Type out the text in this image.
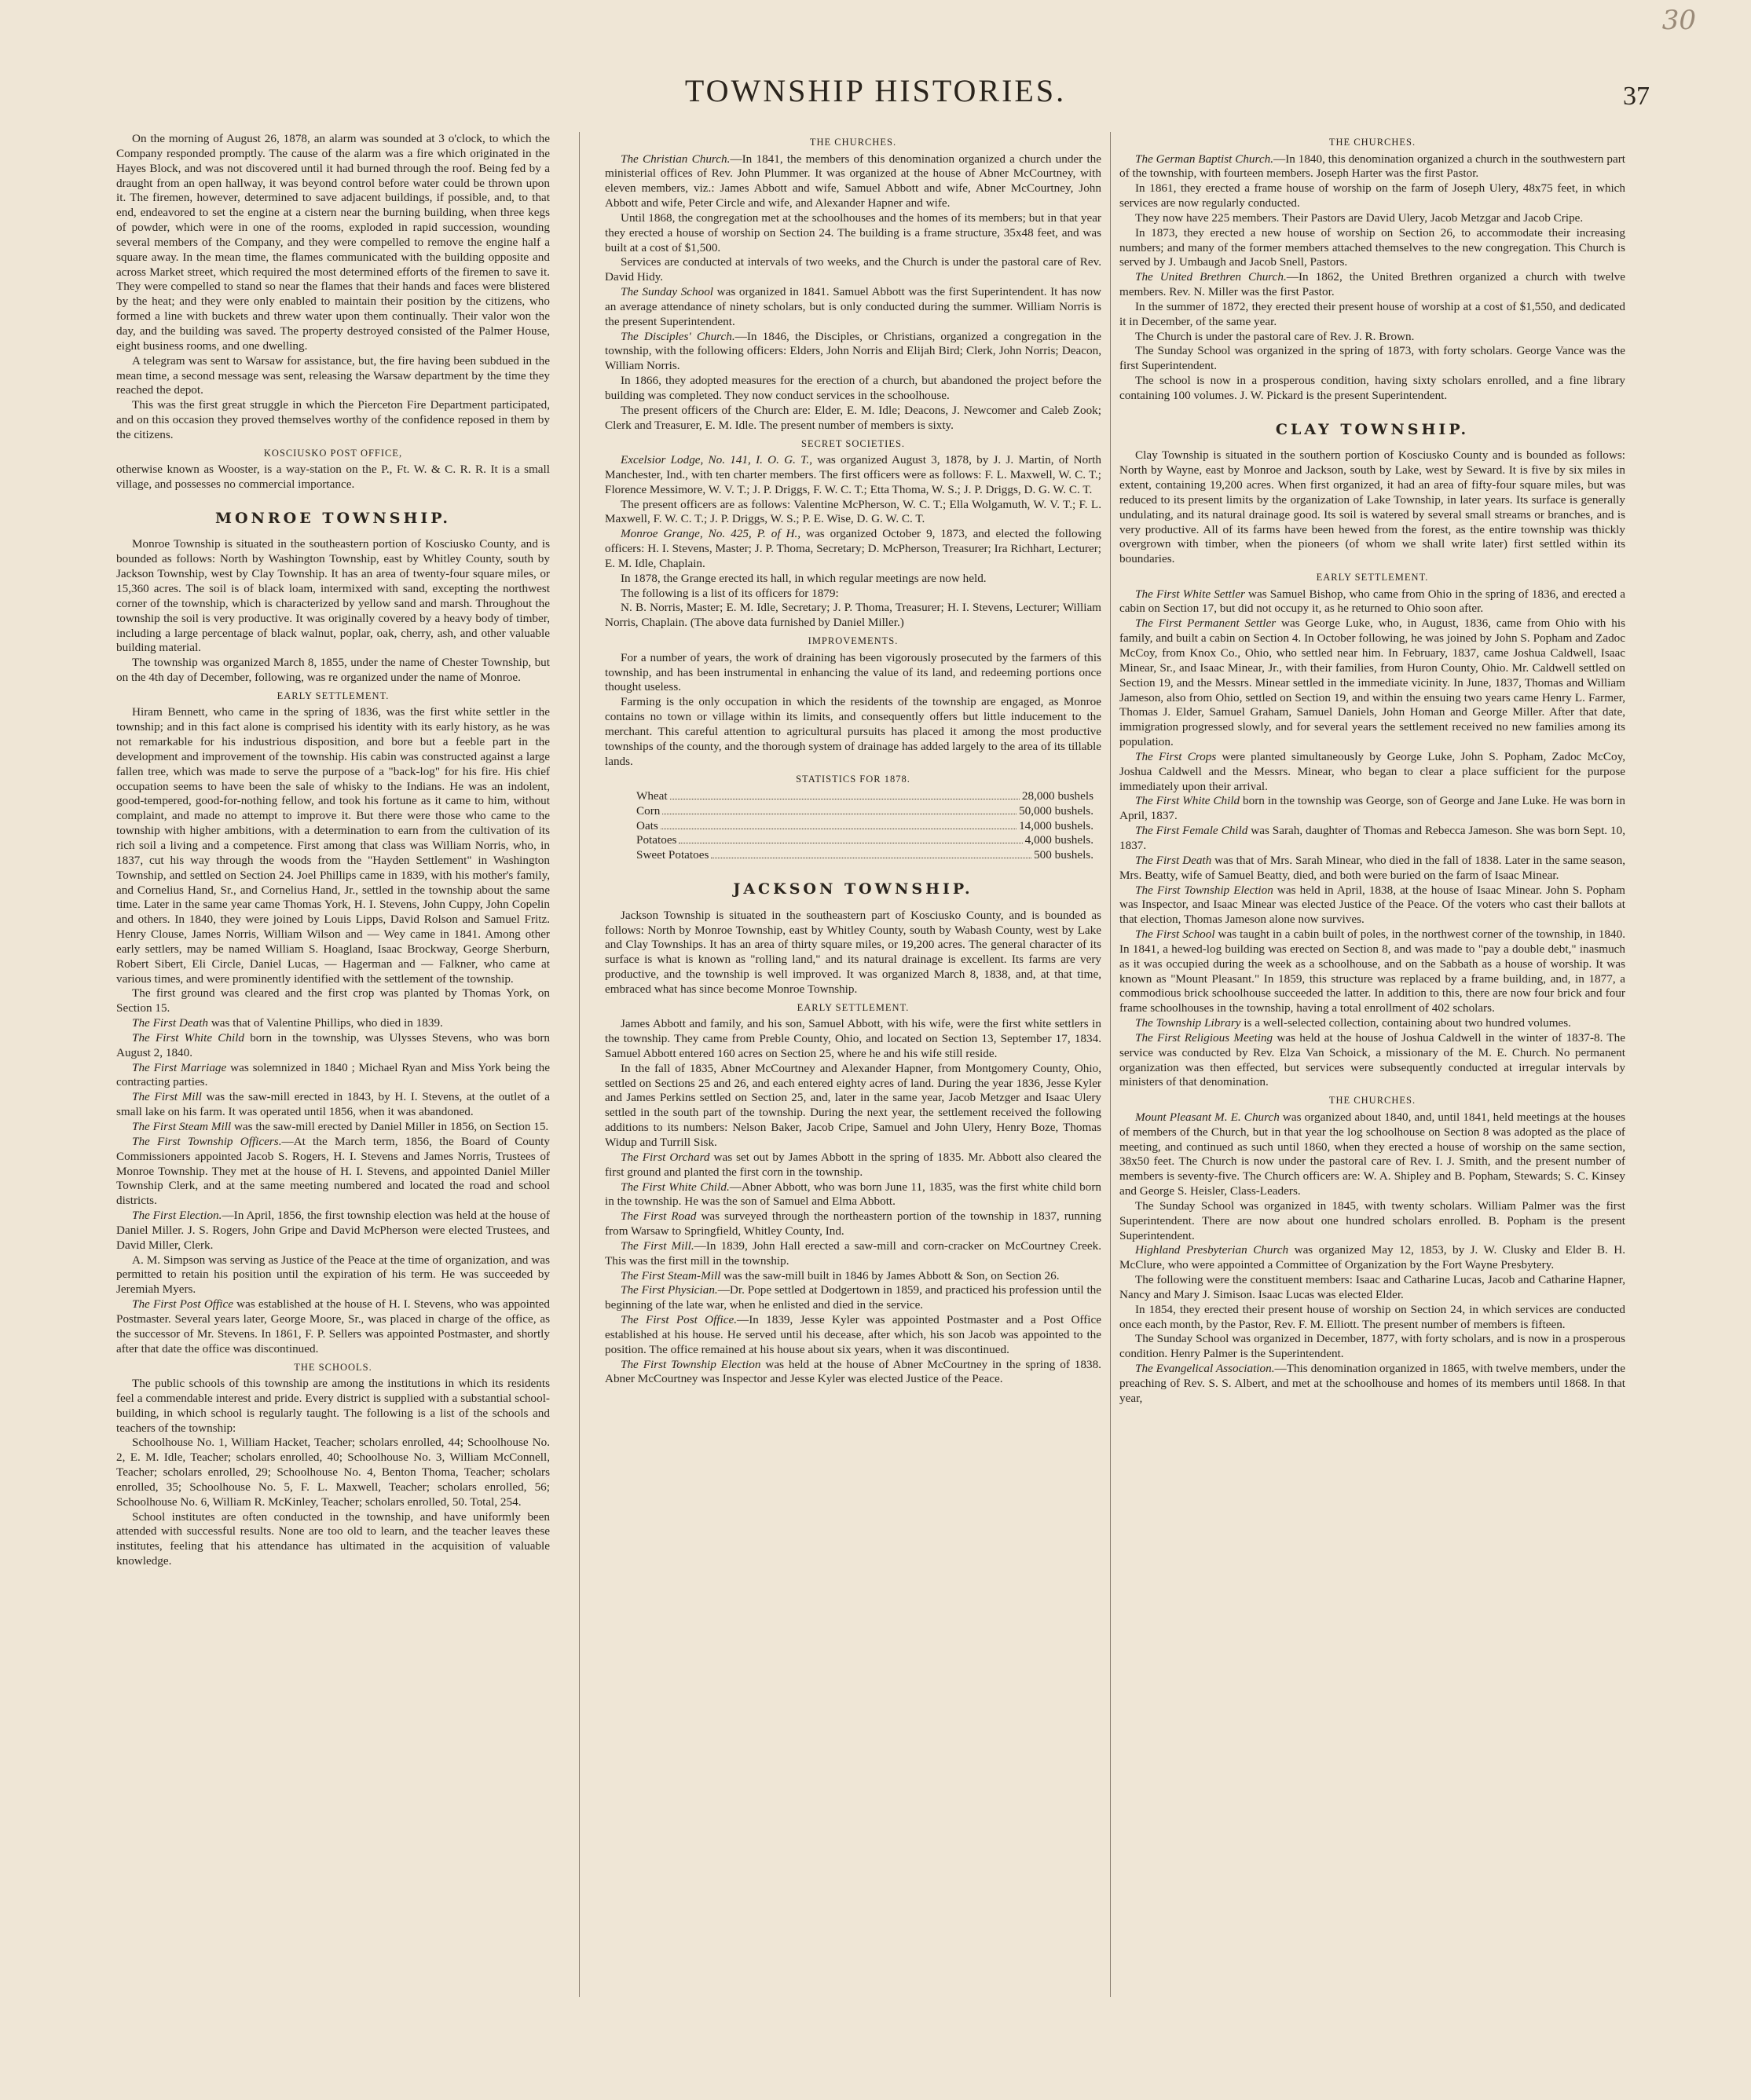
30
TOWNSHIP HISTORIES.	37

On the morning of August 26, 1878, an alarm was sounded at 3 o'clock, to which the Company responded promptly. The cause of the alarm was a fire which originated in the Hayes Block, and was not discovered until it had burned through the roof. Being fed by a draught from an open hallway, it was beyond control before water could be thrown upon it. The firemen, however, determined to save adjacent buildings, if possible, and, to that end, endeavored to set the engine at a cistern near the burning building, when three kegs of powder, which were in one of the rooms, exploded in rapid succession, wounding several members of the Company, and they were compelled to remove the engine half a square away. In the mean time, the flames communicated with the building opposite and across Market street, which required the most determined efforts of the firemen to save it. They were compelled to stand so near the flames that their hands and faces were blistered by the heat; and they were only enabled to maintain their position by the citizens, who formed a line with buckets and threw water upon them continually. Their valor won the day, and the building was saved. The property destroyed consisted of the Palmer House, eight business rooms, and one dwelling.

A telegram was sent to Warsaw for assistance, but, the fire having been subdued in the mean time, a second message was sent, releasing the Warsaw department by the time they reached the depot.

This was the first great struggle in which the Pierceton Fire Department participated, and on this occasion they proved themselves worthy of the confidence reposed in them by the citizens.

KOSCIUSKO POST OFFICE,

otherwise known as Wooster, is a way-station on the P., Ft. W. & C. R. R. It is a small village, and possesses no commercial importance.

MONROE TOWNSHIP.

Monroe Township is situated in the southeastern portion of Kosciusko County, and is bounded as follows: North by Washington Township, east by Whitley County, south by Jackson Township, west by Clay Township. It has an area of twenty-four square miles, or 15,360 acres. The soil is of black loam, intermixed with sand, excepting the northwest corner of the township, which is characterized by yellow sand and marsh. Throughout the township the soil is very productive. It was originally covered by a heavy body of timber, including a large percentage of black walnut, poplar, oak, cherry, ash, and other valuable building material.

The township was organized March 8, 1855, under the name of Chester Township, but on the 4th day of December, following, was re organized under the name of Monroe.

EARLY SETTLEMENT.

Hiram Bennett, who came in the spring of 1836, was the first white settler in the township; and in this fact alone is comprised his identity with its early history, as he was not remarkable for his industrious disposition, and bore but a feeble part in the development and improvement of the township. His cabin was constructed against a large fallen tree, which was made to serve the purpose of a "back-log" for his fire. His chief occupation seems to have been the sale of whisky to the Indians. He was an indolent, good-tempered, good-for-nothing fellow, and took his fortune as it came to him, without complaint, and made no attempt to improve it. But there were those who came to the township with higher ambitions, with a determination to earn from the cultivation of its rich soil a living and a competence. First among that class was William Norris, who, in 1837, cut his way through the woods from the "Hayden Settlement" in Washington Township, and settled on Section 24. Joel Phillips came in 1839, with his mother's family, and Cornelius Hand, Sr., and Cornelius Hand, Jr., settled in the township about the same time. Later in the same year came Thomas York, H. I. Stevens, John Cuppy, John Copelin and others. In 1840, they were joined by Louis Lipps, David Rolson and Samuel Fritz. Henry Clouse, James Norris, William Wilson and — Wey came in 1841. Among other early settlers, may be named William S. Hoagland, Isaac Brockway, George Sherburn, Robert Sibert, Eli Circle, Daniel Lucas, — Hagerman and — Falkner, who came at various times, and were prominently identified with the settlement of the township.

The first ground was cleared and the first crop was planted by Thomas York, on Section 15.

The First Death was that of Valentine Phillips, who died in 1839.

The First White Child born in the township, was Ulysses Stevens, who was born August 2, 1840.

The First Marriage was solemnized in 1840 ; Michael Ryan and Miss York being the contracting parties.

The First Mill was the saw-mill erected in 1843, by H. I. Stevens, at the outlet of a small lake on his farm. It was operated until 1856, when it was abandoned.

The First Steam Mill was the saw-mill erected by Daniel Miller in 1856, on Section 15.

The First Township Officers.—At the March term, 1856, the Board of County Commissioners appointed Jacob S. Rogers, H. I. Stevens and James Norris, Trustees of Monroe Township. They met at the house of H. I. Stevens, and appointed Daniel Miller Township Clerk, and at the same meeting numbered and located the road and school districts.

The First Election.—In April, 1856, the first township election was held at the house of Daniel Miller. J. S. Rogers, John Gripe and David McPherson were elected Trustees, and David Miller, Clerk.

A. M. Simpson was serving as Justice of the Peace at the time of organization, and was permitted to retain his position until the expiration of his term. He was succeeded by Jeremiah Myers.

The First Post Office was established at the house of H. I. Stevens, who was appointed Postmaster. Several years later, George Moore, Sr., was placed in charge of the office, as the successor of Mr. Stevens. In 1861, F. P. Sellers was appointed Postmaster, and shortly after that date the office was discontinued.

THE SCHOOLS.

The public schools of this township are among the institutions in which its residents feel a commendable interest and pride. Every district is supplied with a substantial school-building, in which school is regularly taught. The following is a list of the schools and teachers of the township:

Schoolhouse No. 1, William Hacket, Teacher; scholars enrolled, 44; Schoolhouse No. 2, E. M. Idle, Teacher; scholars enrolled, 40; Schoolhouse No. 3, William McConnell, Teacher; scholars enrolled, 29; Schoolhouse No. 4, Benton Thoma, Teacher; scholars enrolled, 35; Schoolhouse No. 5, F. L. Maxwell, Teacher; scholars enrolled, 56; Schoolhouse No. 6, William R. McKinley, Teacher; scholars enrolled, 50. Total, 254.

School institutes are often conducted in the township, and have uniformly been attended with successful results. None are too old to learn, and the teacher leaves these institutes, feeling that his attendance has ultimated in the acquisition of valuable knowledge.

THE CHURCHES.

The Christian Church.—In 1841, the members of this denomination organized a church under the ministerial offices of Rev. John Plummer. It was organized at the house of Abner McCourtney, with eleven members, viz.: James Abbott and wife, Samuel Abbott and wife, Abner McCourtney, John Abbott and wife, Peter Circle and wife, and Alexander Hapner and wife.

Until 1868, the congregation met at the schoolhouses and the homes of its members; but in that year they erected a house of worship on Section 24. The building is a frame structure, 35x48 feet, and was built at a cost of $1,500.

Services are conducted at intervals of two weeks, and the Church is under the pastoral care of Rev. David Hidy.

The Sunday School was organized in 1841. Samuel Abbott was the first Superintendent. It has now an average attendance of ninety scholars, but is only conducted during the summer. William Norris is the present Superintendent.

The Disciples' Church.—In 1846, the Disciples, or Christians, organized a congregation in the township, with the following officers: Elders, John Norris and Elijah Bird; Clerk, John Norris; Deacon, William Norris.

In 1866, they adopted measures for the erection of a church, but abandoned the project before the building was completed. They now conduct services in the schoolhouse.

The present officers of the Church are: Elder, E. M. Idle; Deacons, J. Newcomer and Caleb Zook; Clerk and Treasurer, E. M. Idle. The present number of members is sixty.

SECRET SOCIETIES.

Excelsior Lodge, No. 141, I. O. G. T., was organized August 3, 1878, by J. J. Martin, of North Manchester, Ind., with ten charter members. The first officers were as follows: F. L. Maxwell, W. C. T.; Florence Messimore, W. V. T.; J. P. Driggs, F. W. C. T.; Etta Thoma, W. S.; J. P. Driggs, D. G. W. C. T.

The present officers are as follows: Valentine McPherson, W. C. T.; Ella Wolgamuth, W. V. T.; F. L. Maxwell, F. W. C. T.; J. P. Driggs, W. S.; P. E. Wise, D. G. W. C. T.

Monroe Grange, No. 425, P. of H., was organized October 9, 1873, and elected the following officers: H. I. Stevens, Master; J. P. Thoma, Secretary; D. McPherson, Treasurer; Ira Richhart, Lecturer; E. M. Idle, Chaplain.

In 1878, the Grange erected its hall, in which regular meetings are now held.

The following is a list of its officers for 1879:

N. B. Norris, Master; E. M. Idle, Secretary; J. P. Thoma, Treasurer; H. I. Stevens, Lecturer; William Norris, Chaplain. (The above data furnished by Daniel Miller.)

IMPROVEMENTS.

For a number of years, the work of draining has been vigorously prosecuted by the farmers of this township, and has been instrumental in enhancing the value of its land, and redeeming portions once thought useless.

Farming is the only occupation in which the residents of the township are engaged, as Monroe contains no town or village within its limits, and consequently offers but little inducement to the merchant. This careful attention to agricultural pursuits has placed it among the most productive townships of the county, and the thorough system of drainage has added largely to the area of its tillable lands.

STATISTICS FOR 1878.
Wheat	28,000 bushels
Corn	50,000 bushels.
Oats	14,000 bushels.
Potatoes	4,000 bushels.
Sweet Potatoes	500 bushels.
JACKSON TOWNSHIP.

Jackson Township is situated in the southeastern part of Kosciusko County, and is bounded as follows: North by Monroe Township, east by Whitley County, south by Wabash County, west by Lake and Clay Townships. It has an area of thirty square miles, or 19,200 acres. The general character of its surface is what is known as "rolling land," and its natural drainage is excellent. Its farms are very productive, and the township is well improved. It was organized March 8, 1838, and, at that time, embraced what has since become Monroe Township.

EARLY SETTLEMENT.

James Abbott and family, and his son, Samuel Abbott, with his wife, were the first white settlers in the township. They came from Preble County, Ohio, and located on Section 13, September 17, 1834. Samuel Abbott entered 160 acres on Section 25, where he and his wife still reside.

In the fall of 1835, Abner McCourtney and Alexander Hapner, from Montgomery County, Ohio, settled on Sections 25 and 26, and each entered eighty acres of land. During the year 1836, Jesse Kyler and James Perkins settled on Section 25, and, later in the same year, Jacob Metzger and Isaac Ulery settled in the south part of the township. During the next year, the settlement received the following additions to its numbers: Nelson Baker, Jacob Cripe, Samuel and John Ulery, Henry Boze, Thomas Widup and Turrill Sisk.

The First Orchard was set out by James Abbott in the spring of 1835. Mr. Abbott also cleared the first ground and planted the first corn in the township.

The First White Child.—Abner Abbott, who was born June 11, 1835, was the first white child born in the township. He was the son of Samuel and Elma Abbott.

The First Road was surveyed through the northeastern portion of the township in 1837, running from Warsaw to Springfield, Whitley County, Ind.

The First Mill.—In 1839, John Hall erected a saw-mill and corn-cracker on McCourtney Creek. This was the first mill in the township.

The First Steam-Mill was the saw-mill built in 1846 by James Abbott & Son, on Section 26.

The First Physician.—Dr. Pope settled at Dodgertown in 1859, and practiced his profession until the beginning of the late war, when he enlisted and died in the service.

The First Post Office.—In 1839, Jesse Kyler was appointed Postmaster and a Post Office established at his house. He served until his decease, after which, his son Jacob was appointed to the position. The office remained at his house about six years, when it was discontinued.

The First Township Election was held at the house of Abner McCourtney in the spring of 1838. Abner McCourtney was Inspector and Jesse Kyler was elected Justice of the Peace.

THE CHURCHES.

The German Baptist Church.—In 1840, this denomination organized a church in the southwestern part of the township, with fourteen members. Joseph Harter was the first Pastor.

In 1861, they erected a frame house of worship on the farm of Joseph Ulery, 48x75 feet, in which services are now regularly conducted.

They now have 225 members. Their Pastors are David Ulery, Jacob Metzgar and Jacob Cripe.

In 1873, they erected a new house of worship on Section 26, to accommodate their increasing numbers; and many of the former members attached themselves to the new congregation. This Church is served by J. Umbaugh and Jacob Snell, Pastors.

The United Brethren Church.—In 1862, the United Brethren organized a church with twelve members. Rev. N. Miller was the first Pastor.

In the summer of 1872, they erected their present house of worship at a cost of $1,550, and dedicated it in December, of the same year.

The Church is under the pastoral care of Rev. J. R. Brown.

The Sunday School was organized in the spring of 1873, with forty scholars. George Vance was the first Superintendent.

The school is now in a prosperous condition, having sixty scholars enrolled, and a fine library containing 100 volumes. J. W. Pickard is the present Superintendent.

CLAY TOWNSHIP.

Clay Township is situated in the southern portion of Kosciusko County and is bounded as follows: North by Wayne, east by Monroe and Jackson, south by Lake, west by Seward. It is five by six miles in extent, containing 19,200 acres. When first organized, it had an area of fifty-four square miles, but was reduced to its present limits by the organization of Lake Township, in later years. Its surface is generally undulating, and its natural drainage good. Its soil is watered by several small streams or branches, and is very productive. All of its farms have been hewed from the forest, as the entire township was thickly overgrown with timber, when the pioneers (of whom we shall write later) first settled within its boundaries.

EARLY SETTLEMENT.

The First White Settler was Samuel Bishop, who came from Ohio in the spring of 1836, and erected a cabin on Section 17, but did not occupy it, as he returned to Ohio soon after.

The First Permanent Settler was George Luke, who, in August, 1836, came from Ohio with his family, and built a cabin on Section 4. In October following, he was joined by John S. Popham and Zadoc McCoy, from Knox Co., Ohio, who settled near him. In February, 1837, came Joshua Caldwell, Isaac Minear, Sr., and Isaac Minear, Jr., with their families, from Huron County, Ohio. Mr. Caldwell settled on Section 19, and the Messrs. Minear settled in the immediate vicinity. In June, 1837, Thomas and William Jameson, also from Ohio, settled on Section 19, and within the ensuing two years came Henry L. Farmer, Thomas J. Elder, Samuel Graham, Samuel Daniels, John Homan and George Miller. After that date, immigration progressed slowly, and for several years the settlement received no new families among its population.

The First Crops were planted simultaneously by George Luke, John S. Popham, Zadoc McCoy, Joshua Caldwell and the Messrs. Minear, who began to clear a place sufficient for the purpose immediately upon their arrival.

The First White Child born in the township was George, son of George and Jane Luke. He was born in April, 1837.

The First Female Child was Sarah, daughter of Thomas and Rebecca Jameson. She was born Sept. 10, 1837.

The First Death was that of Mrs. Sarah Minear, who died in the fall of 1838. Later in the same season, Mrs. Beatty, wife of Samuel Beatty, died, and both were buried on the farm of Isaac Minear.

The First Township Election was held in April, 1838, at the house of Isaac Minear. John S. Popham was Inspector, and Isaac Minear was elected Justice of the Peace. Of the voters who cast their ballots at that election, Thomas Jameson alone now survives.

The First School was taught in a cabin built of poles, in the northwest corner of the township, in 1840. In 1841, a hewed-log building was erected on Section 8, and was made to "pay a double debt," inasmuch as it was occupied during the week as a schoolhouse, and on the Sabbath as a house of worship. It was known as "Mount Pleasant." In 1859, this structure was replaced by a frame building, and, in 1877, a commodious brick schoolhouse succeeded the latter. In addition to this, there are now four brick and four frame schoolhouses in the township, having a total enrollment of 402 scholars.

The Township Library is a well-selected collection, containing about two hundred volumes.

The First Religious Meeting was held at the house of Joshua Caldwell in the winter of 1837-8. The service was conducted by Rev. Elza Van Schoick, a missionary of the M. E. Church. No permanent organization was then effected, but services were subsequently conducted at irregular intervals by ministers of that denomination.

THE CHURCHES.

Mount Pleasant M. E. Church was organized about 1840, and, until 1841, held meetings at the houses of members of the Church, but in that year the log schoolhouse on Section 8 was adopted as the place of meeting, and continued as such until 1860, when they erected a house of worship on the same section, 38x50 feet. The Church is now under the pastoral care of Rev. I. J. Smith, and the present number of members is seventy-five. The Church officers are: W. A. Shipley and B. Popham, Stewards; S. C. Kinsey and George S. Heisler, Class-Leaders.

The Sunday School was organized in 1845, with twenty scholars. William Palmer was the first Superintendent. There are now about one hundred scholars enrolled. B. Popham is the present Superintendent.

Highland Presbyterian Church was organized May 12, 1853, by J. W. Clusky and Elder B. H. McClure, who were appointed a Committee of Organization by the Fort Wayne Presbytery.

The following were the constituent members: Isaac and Catharine Lucas, Jacob and Catharine Hapner, Nancy and Mary J. Simison. Isaac Lucas was elected Elder.

In 1854, they erected their present house of worship on Section 24, in which services are conducted once each month, by the Pastor, Rev. F. M. Elliott. The present number of members is fifteen.

The Sunday School was organized in December, 1877, with forty scholars, and is now in a prosperous condition. Henry Palmer is the Superintendent.

The Evangelical Association.—This denomination organized in 1865, with twelve members, under the preaching of Rev. S. S. Albert, and met at the schoolhouse and homes of its members until 1868. In that year,
